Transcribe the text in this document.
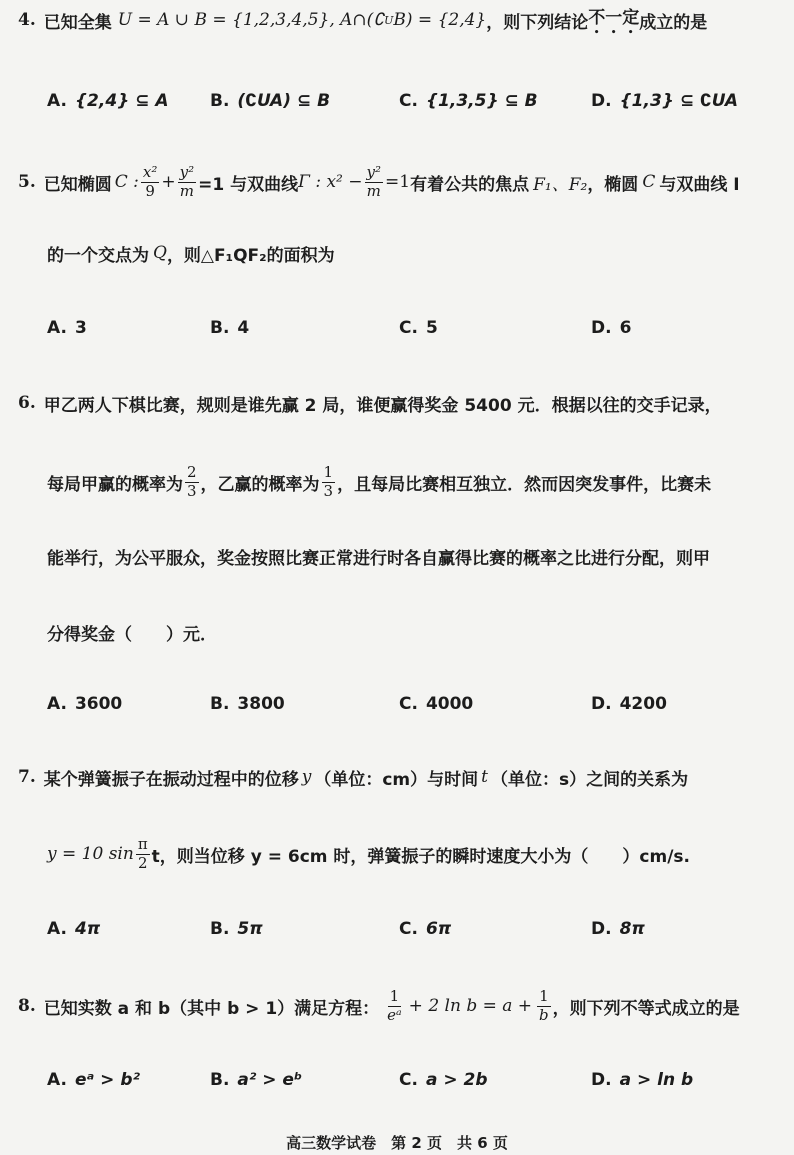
4. 已知全集 U = A ∪ B = {1,2,3,4,5}, A∩(∁ U B) = {2,4} ，则下列结论 不一定 成立的是
A. {2,4} ⊆ A B. (∁UA) ⊆ B	C. {1,3,5} ⊆ B	D. {1,3} ⊆ ∁UA
5. 已知椭圆 C : $\frac{\text{x²}}{9} + \frac{\text{y²}}{m} =1$ 与双曲线 Γ : $x^2 - \frac{\text{y²}}{m} =1$ 有着公共的焦点 F₁、F₂ ，椭圆 C 与双曲线 I
的一个交点为 Q ，则△F₁QF₂的面积为
A. 3	B. 4	C. 5	D. 6
6. 甲乙两人下棋比赛，规则是谁先赢 2 局，谁便赢得奖金 5400 元．根据以往的交手记录，
每局甲赢的概率为 $\frac{2}{3}$ ，乙赢的概率为 $\frac{1}{3}$ ，且每局比赛相互独立．然而因突发事件，比赛未
能举行，为公平服众，奖金按照比赛正常进行时各自赢得比赛的概率之比进行分配，则甲
分得奖金（　　）元．
A. 3600	B. 3800	C. 4000	D. 4200
7. 某个弹簧振子在振动过程中的位移 y （单位：cm）与时间 t （单位：s）之间的关系为
y = 10 $\sin \frac{\pi}{2}$ t，则当位移 y = 6cm 时，弹簧振子的瞬时速度大小为（　　）cm/s.
A. 4π	B. 5π	C. 6π	D. 8π
8. 已知实数 a 和 b（其中 b > 1）满足方程： $\frac{1}{\text{eᵃ}} + 2$ $\ln b = a + \frac{1}{b}$ ，则下列不等式成立的是
A. eᵃ > b²	B. a² > eᵇ	C. a > 2b	D. a > ln b
高三数学试卷　第 2 页　共 6 页
